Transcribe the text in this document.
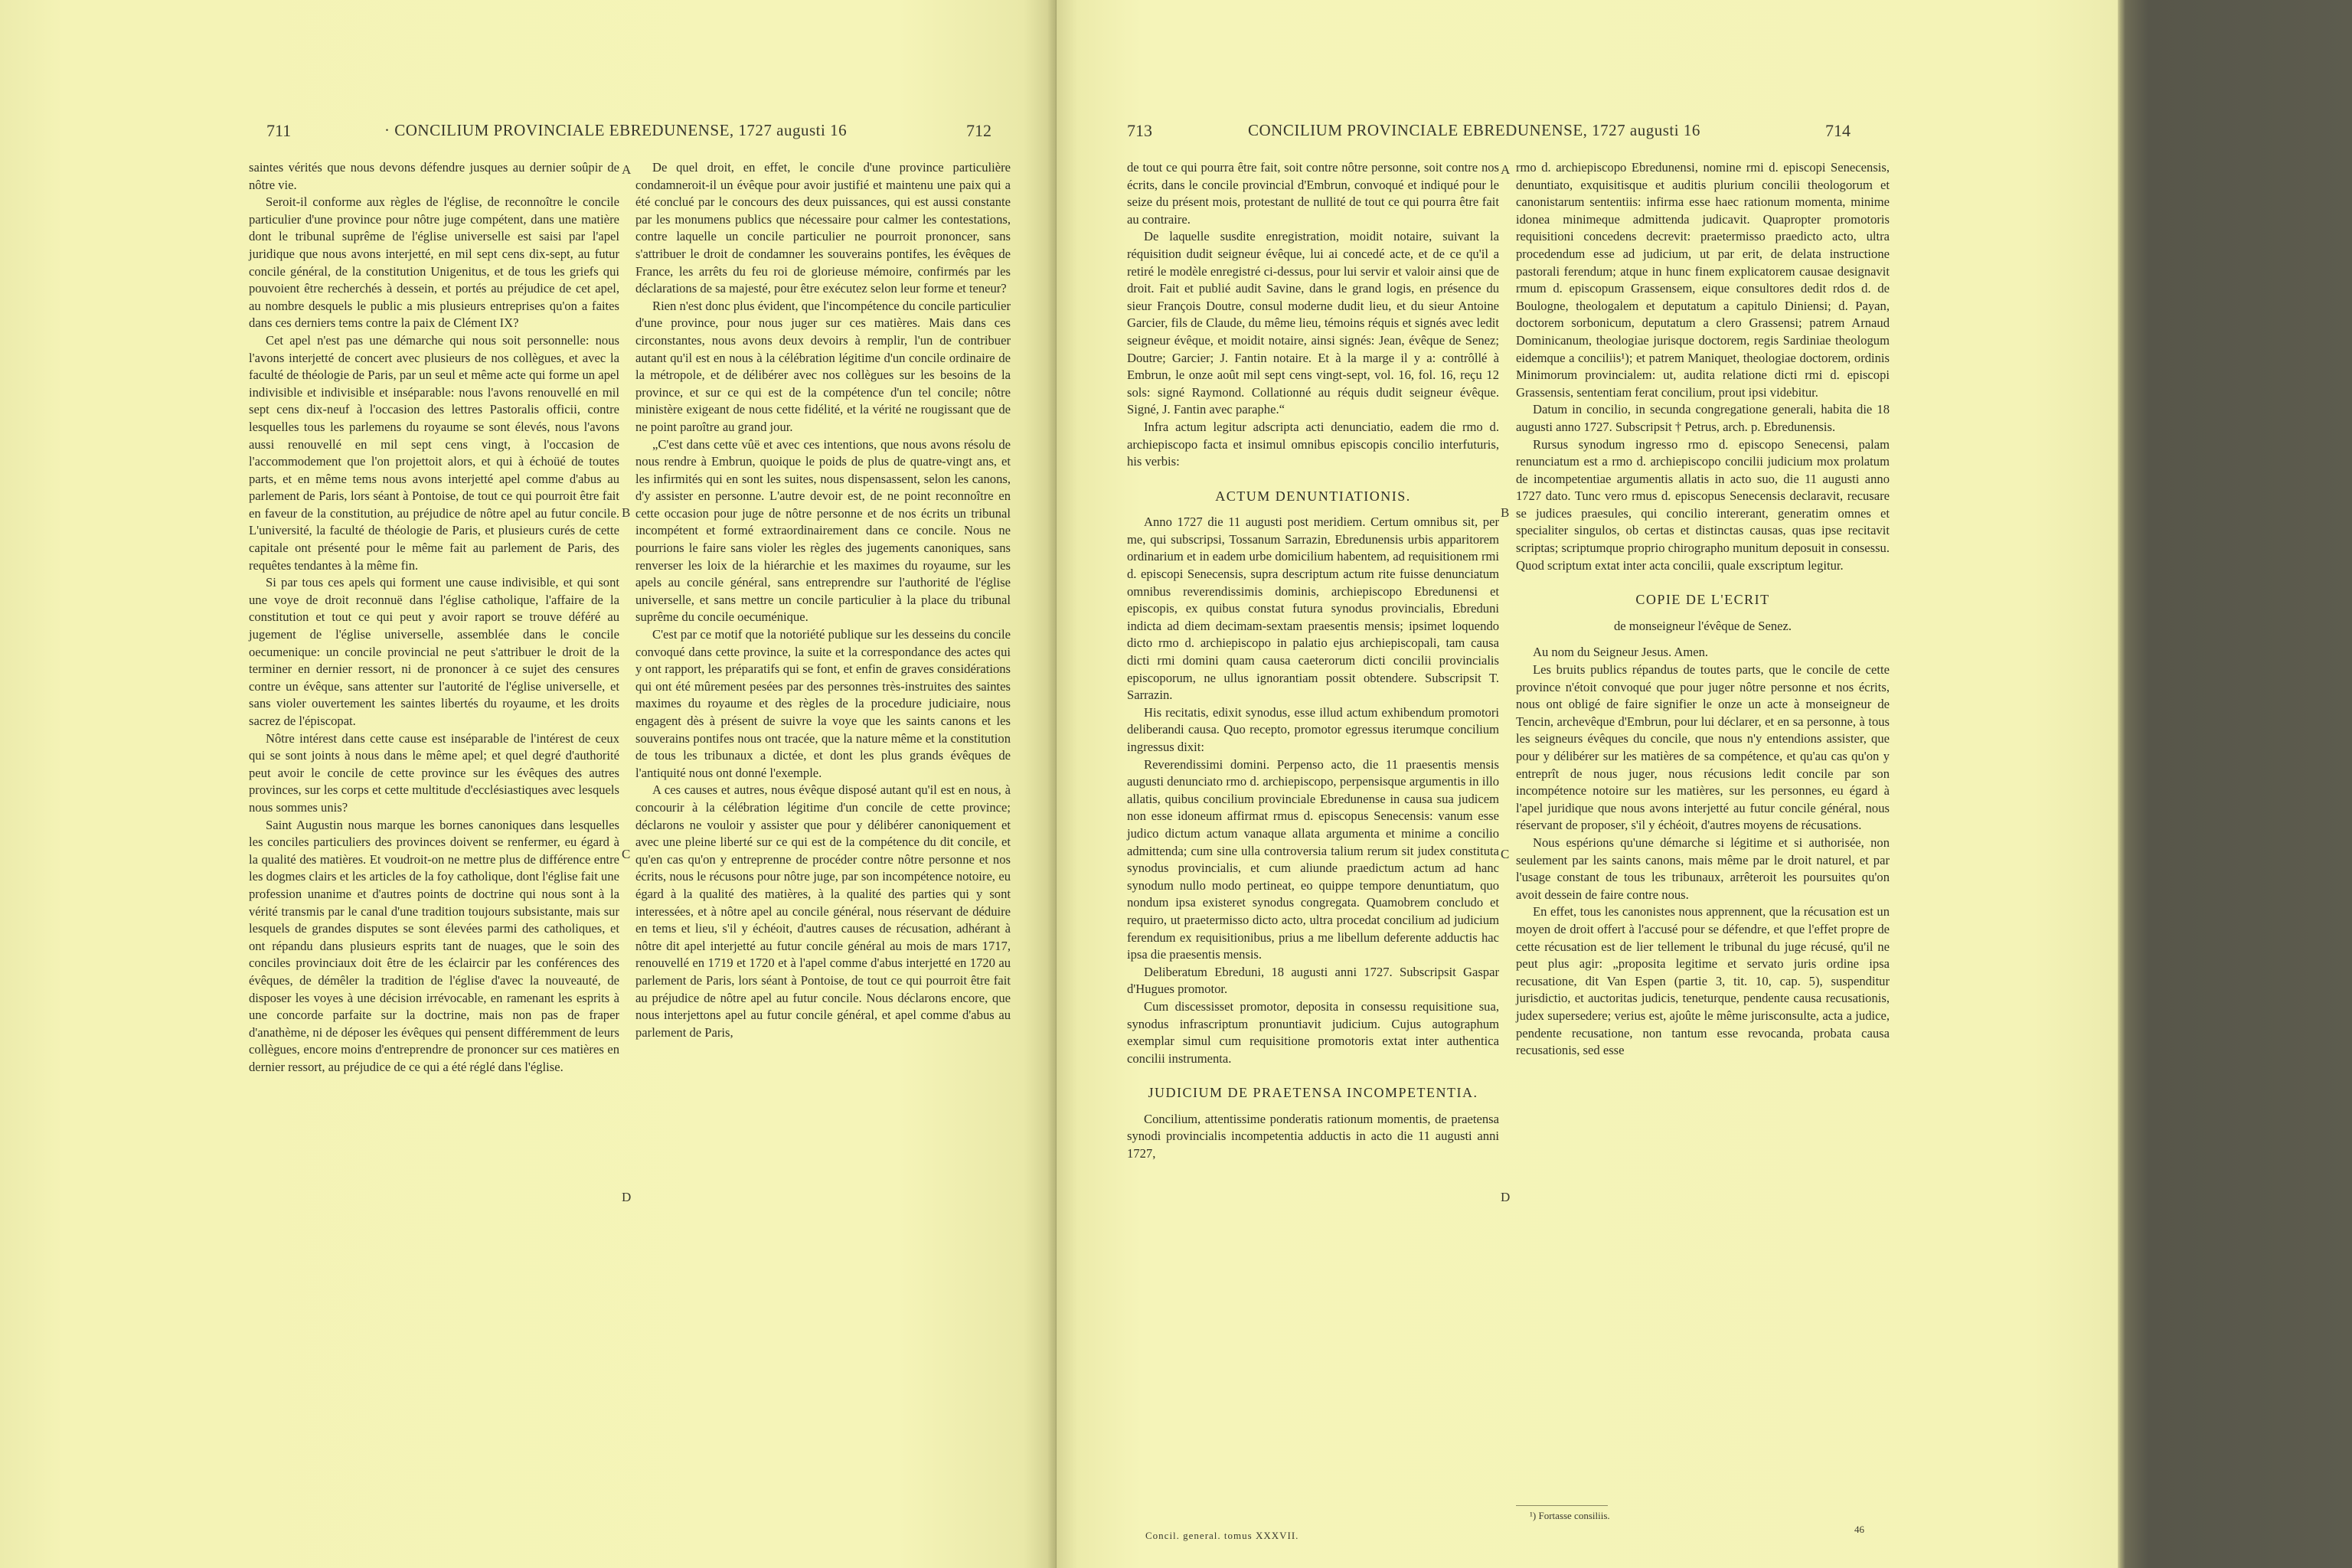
711	· CONCILIUM PROVINCIALE EBREDUNENSE, 1727 augusti 16	712

saintes vérités que nous devons défendre jusques au dernier soûpir de nôtre vie.

Seroit-il conforme aux règles de l'église, de reconnoître le concile particulier d'une province pour nôtre juge compétent, dans une matière dont le tribunal suprême de l'église universelle est saisi par l'apel juridique que nous avons interjetté, en mil sept cens dix-sept, au futur concile général, de la constitution Unigenitus, et de tous les griefs qui pouvoient être recherchés à dessein, et portés au préjudice de cet apel, au nombre desquels le public a mis plusieurs entreprises qu'on a faites dans ces derniers tems contre la paix de Clément IX?

Cet apel n'est pas une démarche qui nous soit personnelle: nous l'avons interjetté de concert avec plusieurs de nos collègues, et avec la faculté de théologie de Paris, par un seul et même acte qui forme un apel indivisible et indivisible et inséparable: nous l'avons renouvellé en mil sept cens dix-neuf à l'occasion des lettres Pastoralis officii, contre lesquelles tous les parlemens du royaume se sont élevés, nous l'avons aussi renouvellé en mil sept cens vingt, à l'occasion de l'accommodement que l'on projettoit alors, et qui à échoüé de toutes parts, et en même tems nous avons interjetté apel comme d'abus au parlement de Paris, lors séant à Pontoise, de tout ce qui pourroit être fait en faveur de la constitution, au préjudice de nôtre apel au futur concile. L'université, la faculté de théologie de Paris, et plusieurs curés de cette capitale ont présenté pour le même fait au parlement de Paris, des requêtes tendantes à la même fin.

Si par tous ces apels qui forment une cause indivisible, et qui sont une voye de droit reconnuë dans l'église catholique, l'affaire de la constitution et tout ce qui peut y avoir raport se trouve déféré au jugement de l'église universelle, assemblée dans le concile oecumenique: un concile provincial ne peut s'attribuer le droit de la terminer en dernier ressort, ni de prononcer à ce sujet des censures contre un évêque, sans attenter sur l'autorité de l'église universelle, et sans violer ouvertement les saintes libertés du royaume, et les droits sacrez de l'épiscopat.

Nôtre intérest dans cette cause est inséparable de l'intérest de ceux qui se sont joints à nous dans le même apel; et quel degré d'authorité peut avoir le concile de cette province sur les évêques des autres provinces, sur les corps et cette multitude d'ecclésiastiques avec lesquels nous sommes unis?

Saint Augustin nous marque les bornes canoniques dans lesquelles les conciles particuliers des provinces doivent se renfermer, eu égard à la qualité des matières. Et voudroit-on ne mettre plus de différence entre les dogmes clairs et les articles de la foy catholique, dont l'église fait une profession unanime et d'autres points de doctrine qui nous sont à la vérité transmis par le canal d'une tradition toujours subsistante, mais sur lesquels de grandes disputes se sont élevées parmi des catholiques, et ont répandu dans plusieurs esprits tant de nuages, que le soin des conciles provinciaux doit être de les éclaircir par les conférences des évêques, de démêler la tradition de l'église d'avec la nouveauté, de disposer les voyes à une décision irrévocable, en ramenant les esprits à une concorde parfaite sur la doctrine, mais non pas de fraper d'anathème, ni de déposer les évêques qui pensent différemment de leurs collègues, encore moins d'entreprendre de prononcer sur ces matières en dernier ressort, au préjudice de ce qui a été réglé dans l'église.

A
B
C
D

De quel droit, en effet, le concile d'une province particulière condamneroit-il un évêque pour avoir justifié et maintenu une paix qui a été conclué par le concours des deux puissances, qui est aussi constante par les monumens publics que nécessaire pour calmer les contestations, contre laquelle un concile particulier ne pourroit prononcer, sans s'attribuer le droit de condamner les souverains pontifes, les évêques de France, les arrêts du feu roi de glorieuse mémoire, confirmés par les déclarations de sa majesté, pour être exécutez selon leur forme et teneur?

Rien n'est donc plus évident, que l'incompétence du concile particulier d'une province, pour nous juger sur ces matières. Mais dans ces circonstantes, nous avons deux devoirs à remplir, l'un de contribuer autant qu'il est en nous à la célébration légitime d'un concile ordinaire de la métropole, et de délibérer avec nos collègues sur les besoins de la province, et sur ce qui est de la compétence d'un tel concile; nôtre ministère exigeant de nous cette fidélité, et la vérité ne rougissant que de ne point paroître au grand jour.

„C'est dans cette vûë et avec ces intentions, que nous avons résolu de nous rendre à Embrun, quoique le poids de plus de quatre-vingt ans, et les infirmités qui en sont les suites, nous dispensassent, selon les canons, d'y assister en personne. L'autre devoir est, de ne point reconnoître en cette occasion pour juge de nôtre personne et de nos écrits un tribunal incompétent et formé extraordinairement dans ce concile. Nous ne pourrions le faire sans violer les règles des jugements canoniques, sans renverser les loix de la hiérarchie et les maximes du royaume, sur les apels au concile général, sans entreprendre sur l'authorité de l'église universelle, et sans mettre un concile particulier à la place du tribunal suprême du concile oecuménique.

C'est par ce motif que la notoriété publique sur les desseins du concile convoqué dans cette province, la suite et la correspondance des actes qui y ont rapport, les préparatifs qui se font, et enfin de graves considérations qui ont été mûrement pesées par des personnes très-instruites des saintes maximes du royaume et des règles de la procedure judiciaire, nous engagent dès à présent de suivre la voye que les saints canons et les souverains pontifes nous ont tracée, que la nature même et la constitution de tous les tribunaux a dictée, et dont les plus grands évêques de l'antiquité nous ont donné l'exemple.

A ces causes et autres, nous évêque disposé autant qu'il est en nous, à concourir à la célébration légitime d'un concile de cette province; déclarons ne vouloir y assister que pour y délibérer canoniquement et avec une pleine liberté sur ce qui est de la compétence du dit concile, et qu'en cas qu'on y entreprenne de procéder contre nôtre personne et nos écrits, nous le récusons pour nôtre juge, par son incompétence notoire, eu égard à la qualité des matières, à la qualité des parties qui y sont interessées, et à nôtre apel au concile général, nous réservant de déduire en tems et lieu, s'il y échéoit, d'autres causes de récusation, adhérant à nôtre dit apel interjetté au futur concile général au mois de mars 1717, renouvellé en 1719 et 1720 et à l'apel comme d'abus interjetté en 1720 au parlement de Paris, lors séant à Pontoise, de tout ce qui pourroit être fait au préjudice de nôtre apel au futur concile. Nous déclarons encore, que nous interjettons apel au futur concile général, et apel comme d'abus au parlement de Paris,

713	CONCILIUM PROVINCIALE EBREDUNENSE, 1727 augusti 16	714

de tout ce qui pourra être fait, soit contre nôtre personne, soit contre nos écrits, dans le concile provincial d'Embrun, convoqué et indiqué pour le seize du présent mois, protestant de nullité de tout ce qui pourra être fait au contraire.

De laquelle susdite enregistration, moidit notaire, suivant la réquisition dudit seigneur évêque, lui ai concedé acte, et de ce qu'il a retiré le modèle enregistré ci-dessus, pour lui servir et valoir ainsi que de droit. Fait et publié audit Savine, dans le grand logis, en présence du sieur François Doutre, consul moderne dudit lieu, et du sieur Antoine Garcier, fils de Claude, du même lieu, témoins réquis et signés avec ledit seigneur évêque, et moidit notaire, ainsi signés: Jean, évêque de Senez; Doutre; Garcier; J. Fantin notaire. Et à la marge il y a: contrôllé à Embrun, le onze août mil sept cens vingt-sept, vol. 16, fol. 16, reçu 12 sols: signé Raymond. Collationné au réquis dudit seigneur évêque. Signé, J. Fantin avec paraphe.“

Infra actum legitur adscripta acti denunciatio, eadem die rmo d. archiepiscopo facta et insimul omnibus episcopis concilio interfuturis, his verbis:

ACTUM DENUNTIATIONIS.

Anno 1727 die 11 augusti post meridiem. Certum omnibus sit, per me, qui subscripsi, Tossanum Sarrazin, Ebredunensis urbis apparitorem ordinarium et in eadem urbe domicilium habentem, ad requisitionem rmi d. episcopi Senecensis, supra descriptum actum rite fuisse denunciatum omnibus reverendissimis dominis, archiepiscopo Ebredunensi et episcopis, ex quibus constat futura synodus provincialis, Ebreduni indicta ad diem decimam-sextam praesentis mensis; ipsimet loquendo dicto rmo d. archiepiscopo in palatio ejus archiepiscopali, tam causa dicti rmi domini quam causa caeterorum dicti concilii provincialis episcoporum, ne ullus ignorantiam possit obtendere. Subscripsit T. Sarrazin.

His recitatis, edixit synodus, esse illud actum exhibendum promotori deliberandi causa. Quo recepto, promotor egressus iterumque concilium ingressus dixit:

Reverendissimi domini. Perpenso acto, die 11 praesentis mensis augusti denunciato rmo d. archiepiscopo, perpensisque argumentis in illo allatis, quibus concilium provinciale Ebredunense in causa sua judicem non esse idoneum affirmat rmus d. episcopus Senecensis: vanum esse judico dictum actum vanaque allata argumenta et minime a concilio admittenda; cum sine ulla controversia talium rerum sit judex constituta synodus provincialis, et cum aliunde praedictum actum ad hanc synodum nullo modo pertineat, eo quippe tempore denuntiatum, quo nondum ipsa existeret synodus congregata. Quamobrem concludo et requiro, ut praetermisso dicto acto, ultra procedat concilium ad judicium ferendum ex requisitionibus, prius a me libellum deferente adductis hac ipsa die praesentis mensis.

Deliberatum Ebreduni, 18 augusti anni 1727. Subscripsit Gaspar d'Hugues promotor.

Cum discessisset promotor, deposita in consessu requisitione sua, synodus infrascriptum pronuntiavit judicium. Cujus autographum exemplar simul cum requisitione promotoris extat inter authentica concilii instrumenta.

JUDICIUM DE PRAETENSA INCOMPETENTIA.

Concilium, attentissime ponderatis rationum momentis, de praetensa synodi provincialis incompetentia adductis in acto die 11 augusti anni 1727,

Concil. general. tomus XXXVII.
A
B
C
D

rmo d. archiepiscopo Ebredunensi, nomine rmi d. episcopi Senecensis, denuntiato, exquisitisque et auditis plurium concilii theologorum et canonistarum sententiis: infirma esse haec rationum momenta, minime idonea minimeque admittenda judicavit. Quapropter promotoris requisitioni concedens decrevit: praetermisso praedicto acto, ultra procedendum esse ad judicium, ut par erit, de delata instructione pastorali ferendum; atque in hunc finem explicatorem causae designavit rmum d. episcopum Grassensem, eique consultores dedit rdos d. de Boulogne, theologalem et deputatum a capitulo Diniensi; d. Payan, doctorem sorbonicum, deputatum a clero Grassensi; patrem Arnaud Dominicanum, theologiae jurisque doctorem, regis Sardiniae theologum eidemque a conciliis¹); et patrem Maniquet, theologiae doctorem, ordinis Minimorum provincialem: ut, audita relatione dicti rmi d. episcopi Grassensis, sententiam ferat concilium, prout ipsi videbitur.

Datum in concilio, in secunda congregatione generali, habita die 18 augusti anno 1727. Subscripsit † Petrus, arch. p. Ebredunensis.

Rursus synodum ingresso rmo d. episcopo Senecensi, palam renunciatum est a rmo d. archiepiscopo concilii judicium mox prolatum de incompetentiae argumentis allatis in acto suo, die 11 augusti anno 1727 dato. Tunc vero rmus d. episcopus Senecensis declaravit, recusare se judices praesules, qui concilio intererant, generatim omnes et specialiter singulos, ob certas et distinctas causas, quas ipse recitavit scriptas; scriptumque proprio chirographo munitum deposuit in consessu. Quod scriptum extat inter acta concilii, quale exscriptum legitur.

COPIE DE L'ECRIT

de monseigneur l'évêque de Senez.

Au nom du Seigneur Jesus. Amen.

Les bruits publics répandus de toutes parts, que le concile de cette province n'étoit convoqué que pour juger nôtre personne et nos écrits, nous ont obligé de faire signifier le onze un acte à monseigneur de Tencin, archevêque d'Embrun, pour lui déclarer, et en sa personne, à tous les seigneurs évêques du concile, que nous n'y entendions assister, que pour y délibérer sur les matières de sa compétence, et qu'au cas qu'on y entreprît de nous juger, nous récusions ledit concile par son incompétence notoire sur les matières, sur les personnes, eu égard à l'apel juridique que nous avons interjetté au futur concile général, nous réservant de proposer, s'il y échéoit, d'autres moyens de récusations.

Nous espérions qu'une démarche si légitime et si authorisée, non seulement par les saints canons, mais même par le droit naturel, et par l'usage constant de tous les tribunaux, arrêteroit les poursuites qu'on avoit dessein de faire contre nous.

En effet, tous les canonistes nous apprennent, que la récusation est un moyen de droit offert à l'accusé pour se défendre, et que l'effet propre de cette récusation est de lier tellement le tribunal du juge récusé, qu'il ne peut plus agir: „proposita legitime et servato juris ordine ipsa recusatione, dit Van Espen (partie 3, tit. 10, cap. 5), suspenditur jurisdictio, et auctoritas judicis, teneturque, pendente causa recusationis, judex supersedere; verius est, ajoûte le même jurisconsulte, acta a judice, pendente recusatione, non tantum esse revocanda, probata causa recusationis, sed esse

¹) Fortasse consiliis.
46
